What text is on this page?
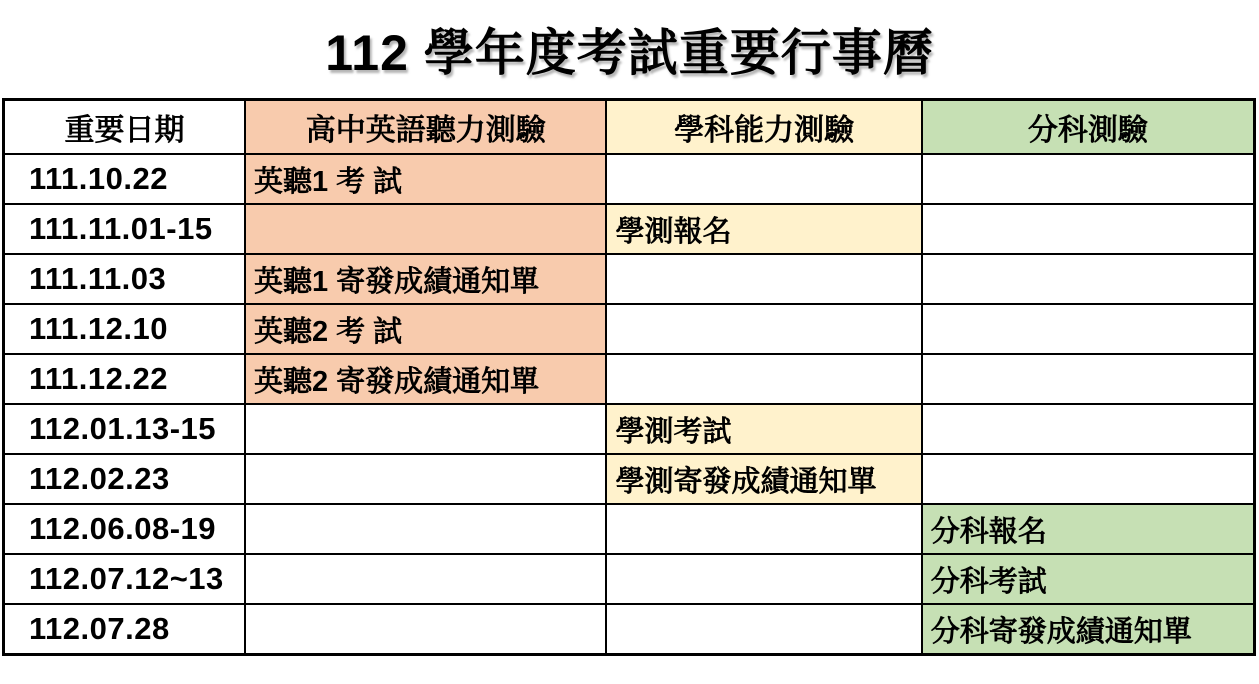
112 學年度考試重要行事曆
重要日期	高中英語聽力測驗	學科能力測驗	分科測驗
111.10.22	英聽1 考 試		
111.11.01-15		學測報名	
111.11.03	英聽1 寄發成績通知單		
111.12.10	英聽2 考 試		
111.12.22	英聽2 寄發成績通知單		
112.01.13-15		學測考試	
112.02.23		學測寄發成績通知單	
112.06.08-19			分科報名
112.07.12~13			分科考試
112.07.28			分科寄發成績通知單
